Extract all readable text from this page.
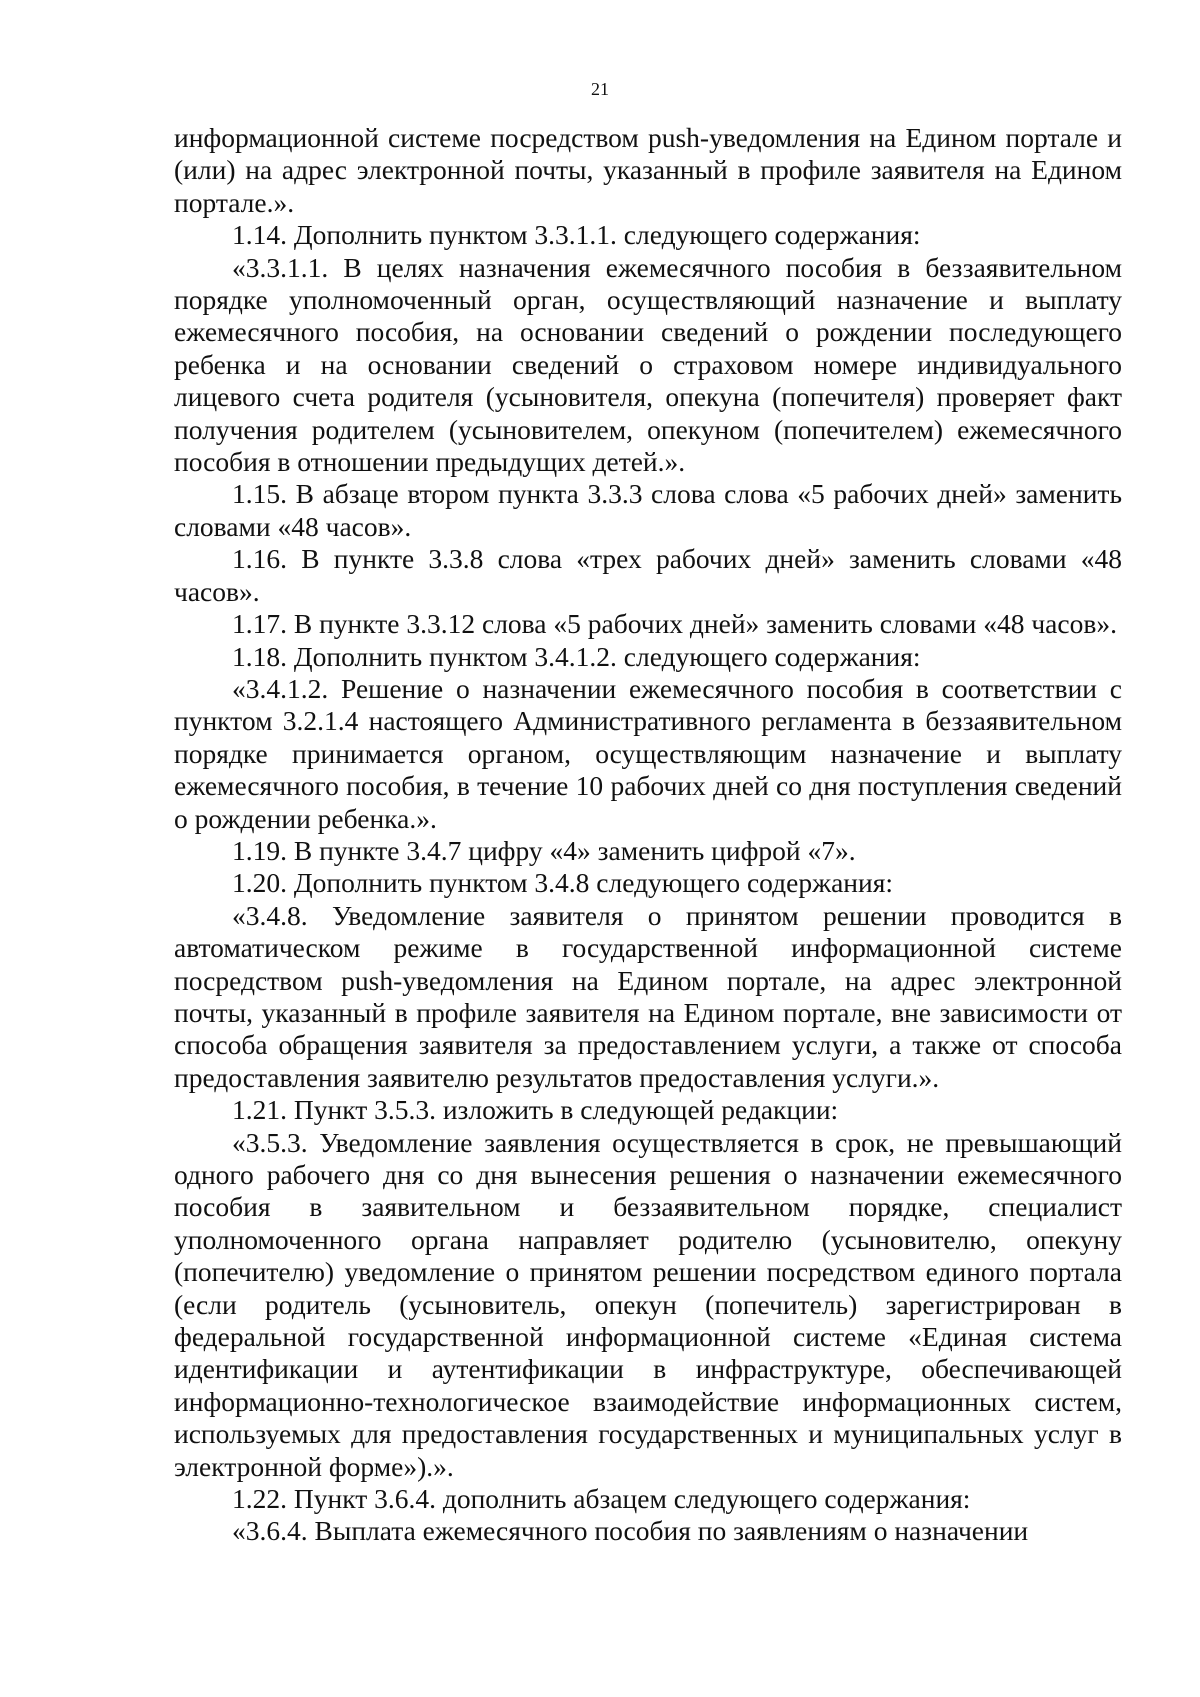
21

информационной системе посредством push-уведомления на Едином портале и (или) на адрес электронной почты, указанный в профиле заявителя на Едином портале.».

1.14. Дополнить пунктом 3.3.1.1. следующего содержания:

«3.3.1.1. В целях назначения ежемесячного пособия в беззаявительном порядке уполномоченный орган, осуществляющий назначение и выплату ежемесячного пособия, на основании сведений о рождении последующего ребенка и на основании сведений о страховом номере индивидуального лицевого счета родителя (усыновителя, опекуна (попечителя) проверяет факт получения родителем (усыновителем, опекуном (попечителем) ежемесячного пособия в отношении предыдущих детей.».

1.15. В абзаце втором пункта 3.3.3 слова слова «5 рабочих дней» заменить словами «48 часов».

1.16. В пункте 3.3.8 слова «трех рабочих дней» заменить словами «48 часов».

1.17. В пункте 3.3.12 слова «5 рабочих дней» заменить словами «48 часов».

1.18. Дополнить пунктом 3.4.1.2. следующего содержания:

«3.4.1.2. Решение о назначении ежемесячного пособия в соответствии с пунктом 3.2.1.4 настоящего Административного регламента в беззаявительном порядке принимается органом, осуществляющим назначение и выплату ежемесячного пособия, в течение 10 рабочих дней со дня поступления сведений о рождении ребенка.».

1.19. В пункте 3.4.7 цифру «4» заменить цифрой «7».

1.20. Дополнить пунктом 3.4.8 следующего содержания:

«3.4.8. Уведомление заявителя о принятом решении проводится в автоматическом режиме в государственной информационной системе посредством push-уведомления на Едином портале, на адрес электронной почты, указанный в профиле заявителя на Едином портале, вне зависимости от способа обращения заявителя за предоставлением услуги, а также от способа предоставления заявителю результатов предоставления услуги.».

1.21. Пункт 3.5.3. изложить в следующей редакции:

«3.5.3. Уведомление заявления осуществляется в срок, не превышающий одного рабочего дня со дня вынесения решения о назначении ежемесячного пособия в заявительном и беззаявительном порядке, специалист уполномоченного органа направляет родителю (усыновителю, опекуну (попечителю) уведомление о принятом решении посредством единого портала (если родитель (усыновитель, опекун (попечитель) зарегистрирован в федеральной государственной информационной системе «Единая система идентификации и аутентификации в инфраструктуре, обеспечивающей информационно-технологическое взаимодействие информационных систем, используемых для предоставления государственных и муниципальных услуг в электронной форме»).».

1.22. Пункт 3.6.4. дополнить абзацем следующего содержания:

«3.6.4. Выплата ежемесячного пособия по заявлениям о назначении
